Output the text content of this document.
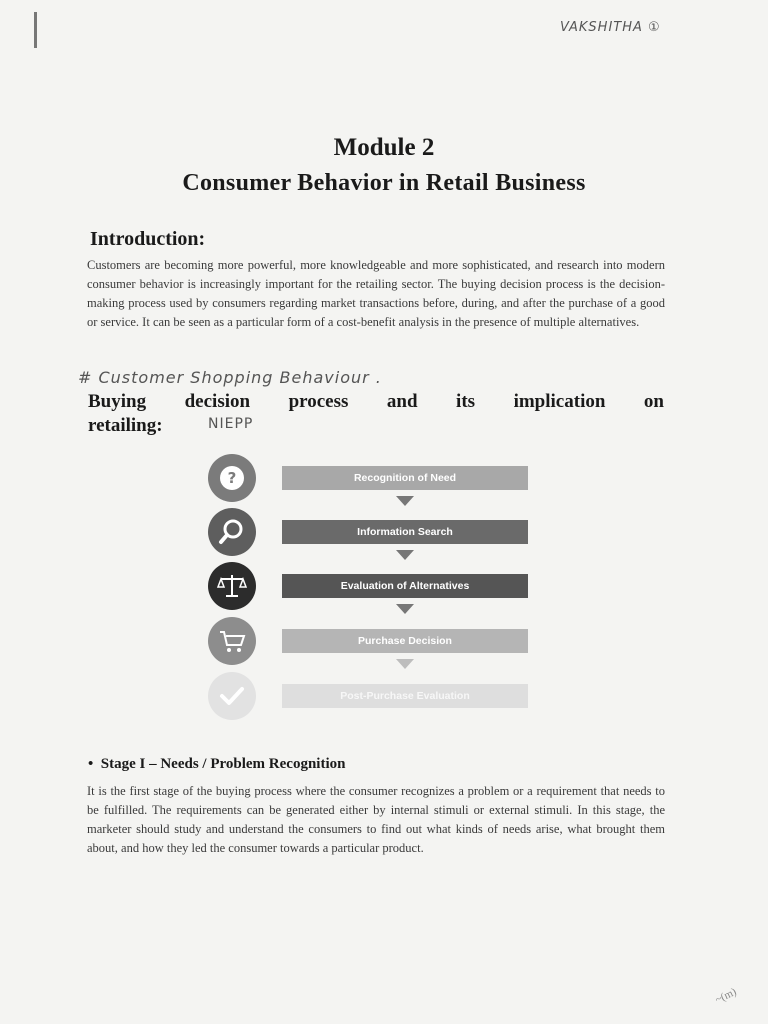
VAKSHITHA ①
Module 2
Consumer Behavior in Retail Business
Introduction:
Customers are becoming more powerful, more knowledgeable and more sophisticated, and research into modern consumer behavior is increasingly important for the retailing sector. The buying decision process is the decision-making process used by consumers regarding market transactions before, during, and after the purchase of a good or service. It can be seen as a particular form of a cost-benefit analysis in the presence of multiple alternatives.
# Customer Shopping Behaviour .
Buying decision process and its implication on
retailing:	NIEPP
?	Recognition of Need
Information Search
Evaluation of Alternatives
Purchase Decision
Post-Purchase Evaluation
• Stage I – Needs / Problem Recognition
It is the first stage of the buying process where the consumer recognizes a problem or a requirement that needs to be fulfilled. The requirements can be generated either by internal stimuli or external stimuli. In this stage, the marketer should study and understand the consumers to find out what kinds of needs arise, what brought them about, and how they led the consumer towards a particular product.
~(m)
